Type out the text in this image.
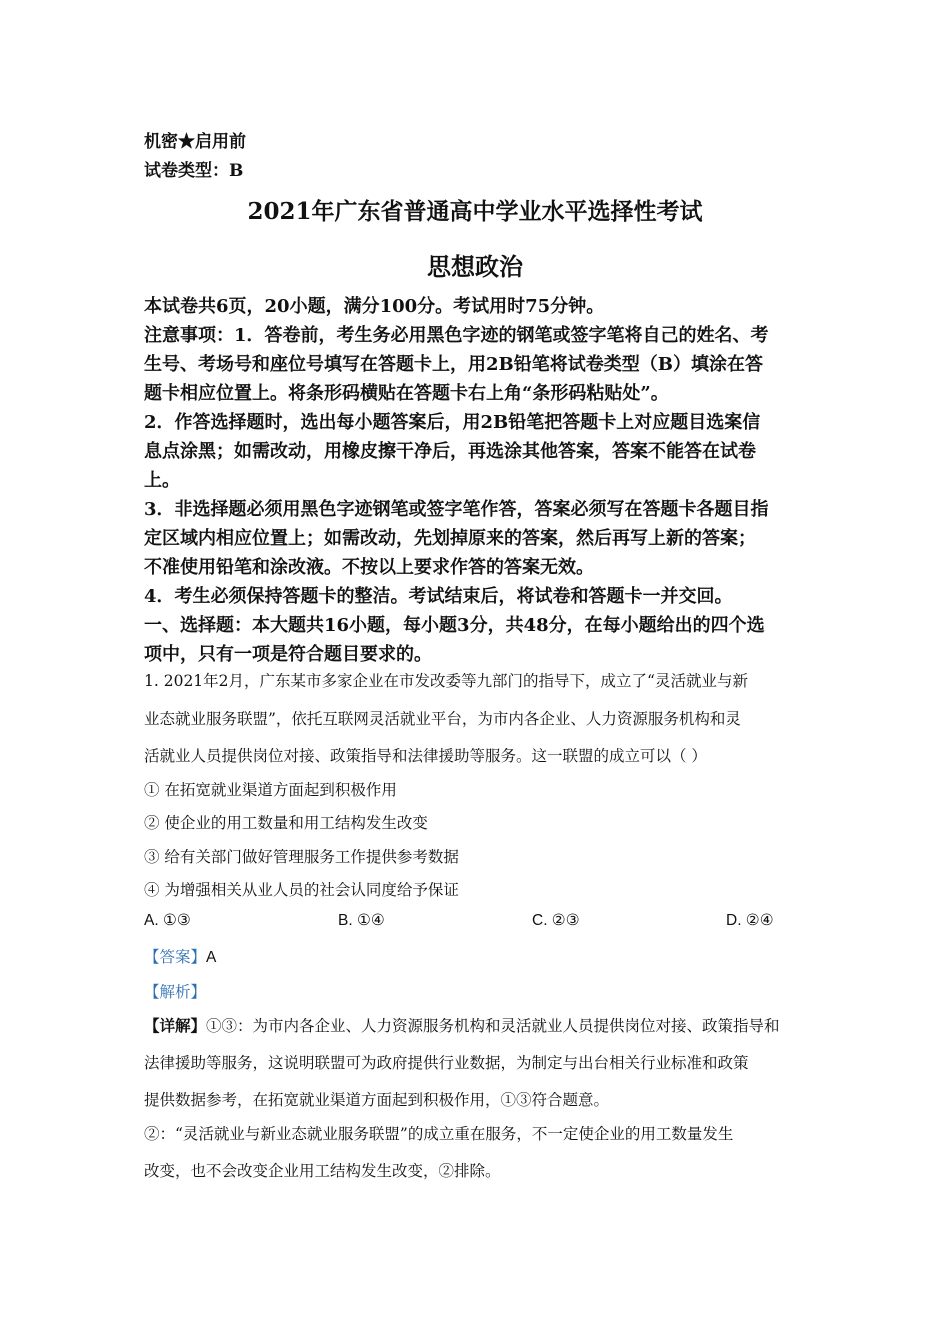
机密★启用前
试卷类型：B
2021年广东省普通高中学业水平选择性考试
思想政治
本试卷共6页，20小题，满分100分。考试用时75分钟。
注意事项：1．答卷前，考生务必用黑色字迹的钢笔或签字笔将自己的姓名、考
生号、考场号和座位号填写在答题卡上，用2B铅笔将试卷类型（B）填涂在答
题卡相应位置上。将条形码横贴在答题卡右上角“条形码粘贴处”。
2．作答选择题时，选出每小题答案后，用2B铅笔把答题卡上对应题目选案信
息点涂黑；如需改动，用橡皮擦干净后，再选涂其他答案，答案不能答在试卷
上。
3．非选择题必须用黑色字迹钢笔或签字笔作答，答案必须写在答题卡各题目指
定区域内相应位置上；如需改动，先划掉原来的答案，然后再写上新的答案；
不准使用铅笔和涂改液。不按以上要求作答的答案无效。
4．考生必须保持答题卡的整洁。考试结束后，将试卷和答题卡一并交回。
一、选择题：本大题共16小题，每小题3分，共48分，在每小题给出的四个选
项中，只有一项是符合题目要求的。
1. 2021年2月，广东某市多家企业在市发改委等九部门的指导下，成立了“灵活就业与新
业态就业服务联盟”，依托互联网灵活就业平台，为市内各企业、人力资源服务机构和灵
活就业人员提供岗位对接、政策指导和法律援助等服务。这一联盟的成立可以（ ）
① 在拓宽就业渠道方面起到积极作用
② 使企业的用工数量和用工结构发生改变
③ 给有关部门做好管理服务工作提供参考数据
④ 为增强相关从业人员的社会认同度给予保证
A. ①③	B. ①④	C. ②③	D. ②④
【答案】A
【解析】
【详解】①③：为市内各企业、人力资源服务机构和灵活就业人员提供岗位对接、政策指导和
法律援助等服务，这说明联盟可为政府提供行业数据，为制定与出台相关行业标准和政策
提供数据参考，在拓宽就业渠道方面起到积极作用，①③符合题意。
②：“灵活就业与新业态就业服务联盟”的成立重在服务，不一定使企业的用工数量发生
改变，也不会改变企业用工结构发生改变，②排除。
